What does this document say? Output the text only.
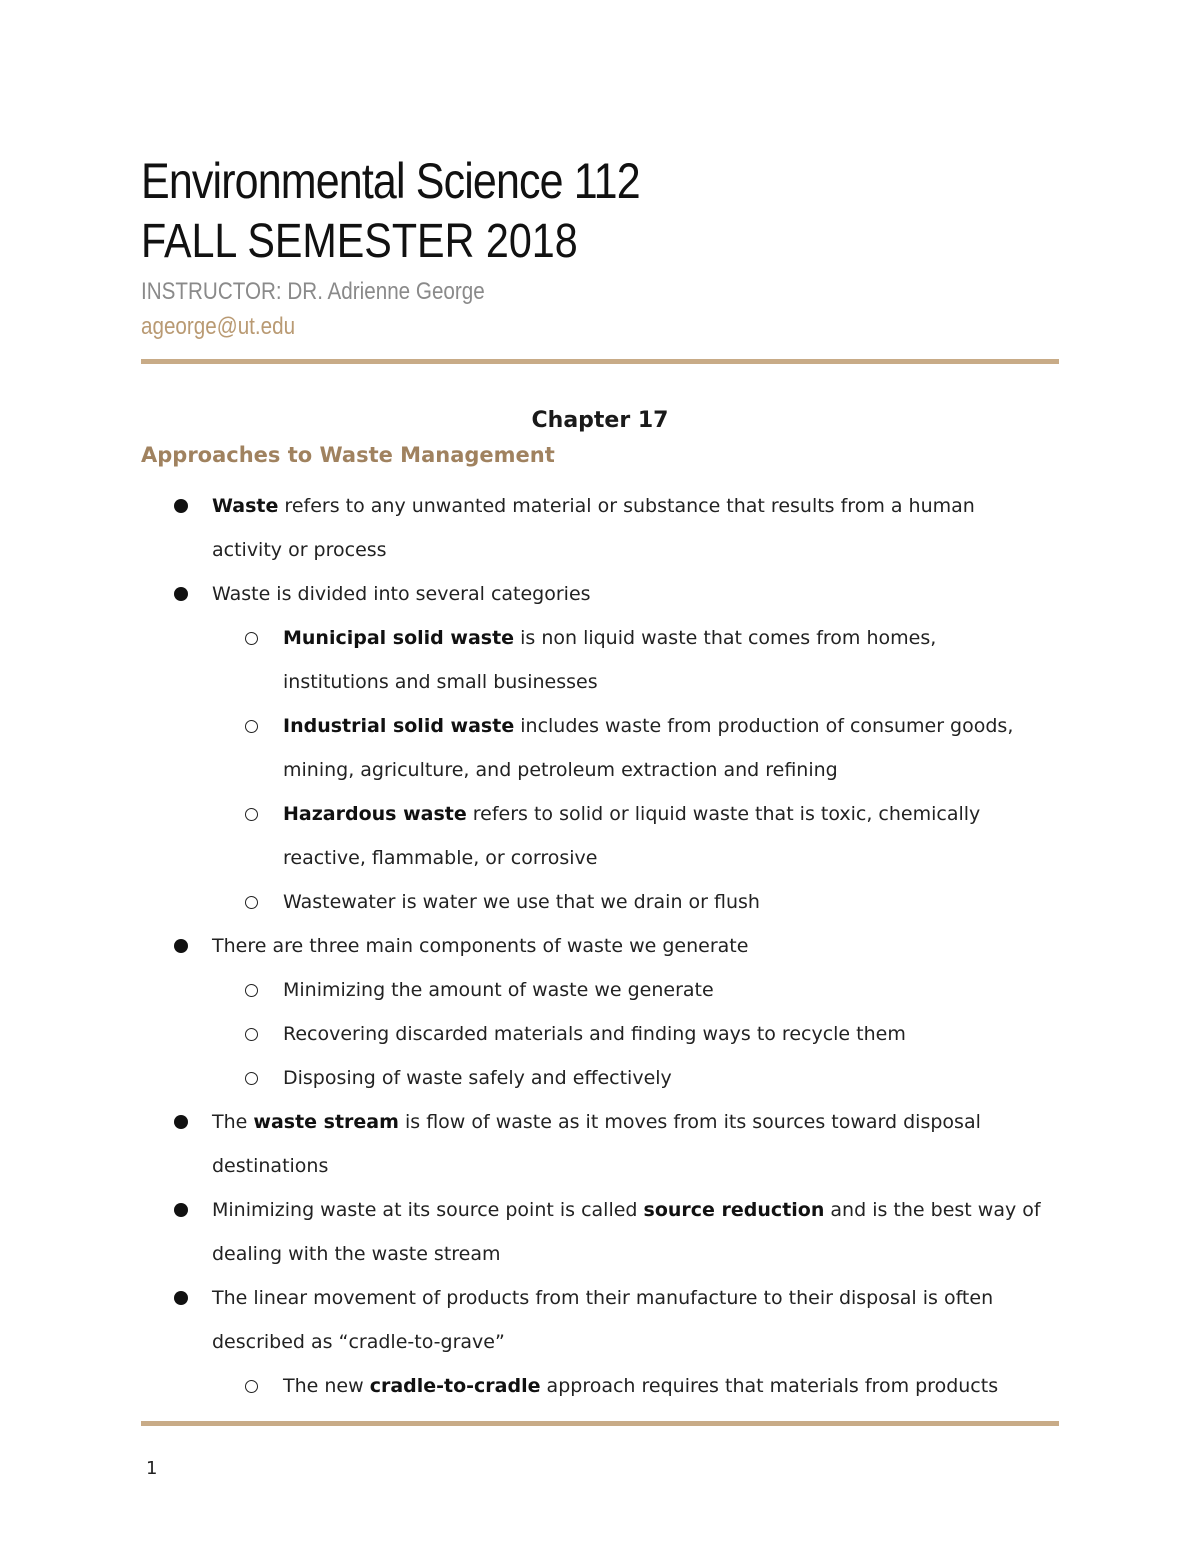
Environmental Science 112
FALL SEMESTER 2018
INSTRUCTOR: DR. Adrienne George
ageorge@ut.edu
Chapter 17
Approaches to Waste Management
Waste refers to any unwanted material or substance that results from a human activity or process
Waste is divided into several categories
Municipal solid waste is non liquid waste that comes from homes, institutions and small businesses
Industrial solid waste includes waste from production of consumer goods, mining, agriculture, and petroleum extraction and refining
Hazardous waste refers to solid or liquid waste that is toxic, chemically reactive, flammable, or corrosive
Wastewater is water we use that we drain or flush
There are three main components of waste we generate
Minimizing the amount of waste we generate
Recovering discarded materials and finding ways to recycle them
Disposing of waste safely and effectively
The waste stream is flow of waste as it moves from its sources toward disposal destinations
Minimizing waste at its source point is called source reduction and is the best way of dealing with the waste stream
The linear movement of products from their manufacture to their disposal is often described as “cradle-to-grave”
The new cradle-to-cradle approach requires that materials from products
1
